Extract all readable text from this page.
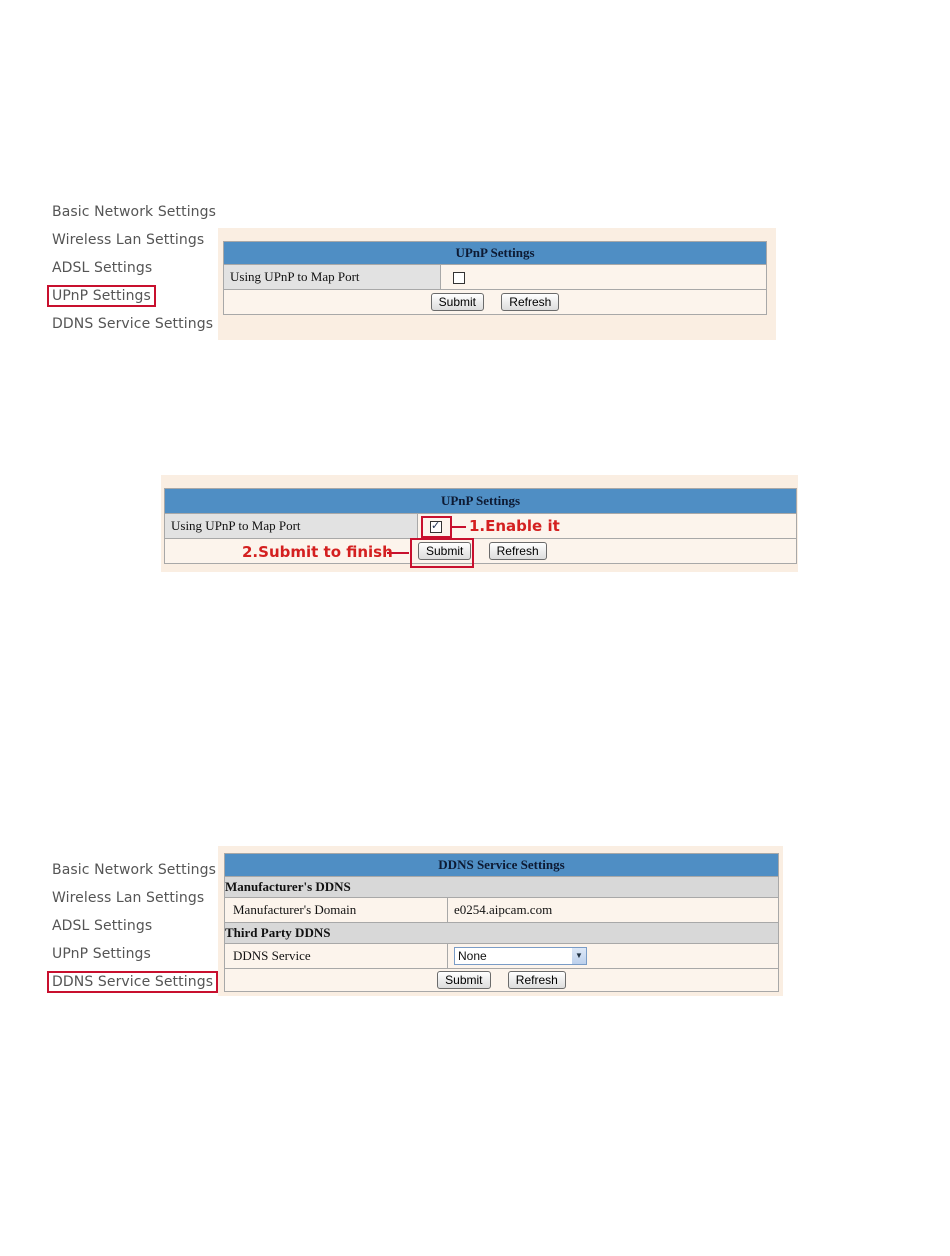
Basic Network Settings
Wireless Lan Settings
ADSL Settings
UPnP Settings
DDNS Service Settings
UPnP Settings
Using UPnP to Map Port	
Submit	Refresh
UPnP Settings
Using UPnP to Map Port	✓
Submit	Refresh
1.Enable it
2.Submit to finish
Basic Network Settings
Wireless Lan Settings
ADSL Settings
UPnP Settings
DDNS Service Settings
DDNS Service Settings	
Manufacturer's DDNS	
Manufacturer's Domain	e0254.aipcam.com
Third Party DDNS	
DDNS Service	None ▼

Submit Refresh	
